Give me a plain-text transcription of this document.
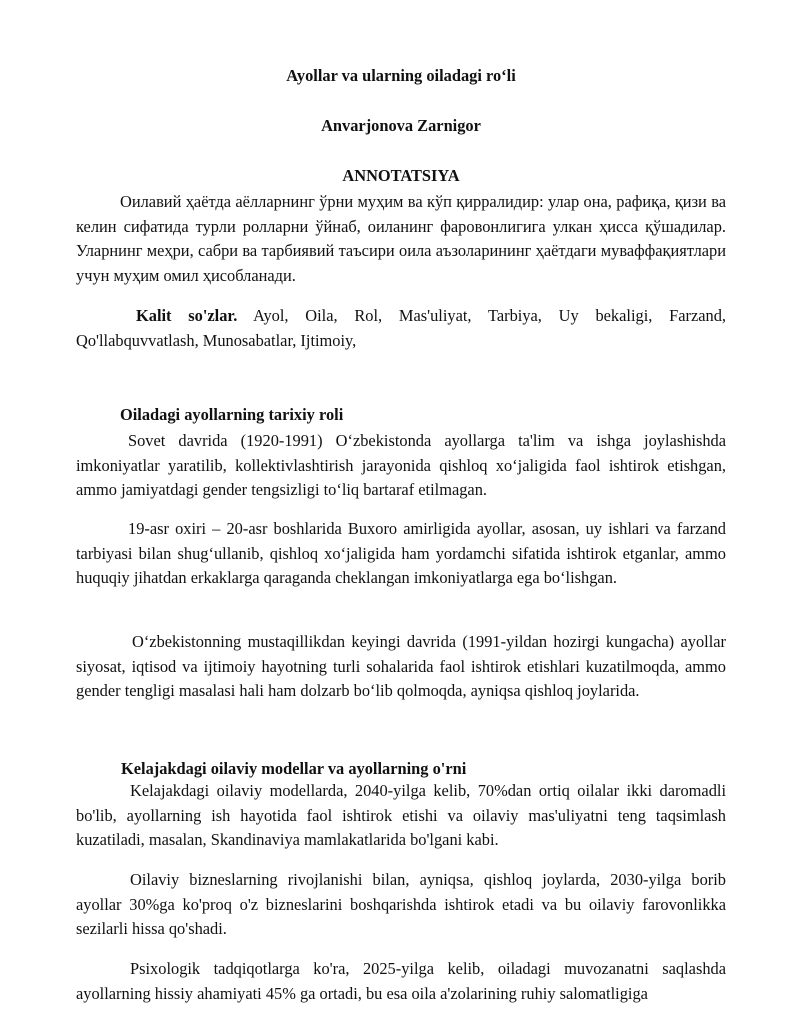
Ayollar va ularning oiladagi roʻli
Anvarjonova Zarnigor
ANNOTATSIYA
Оилавий ҳаётда аёлларнинг ўрни муҳим ва кўп қирралидир: улар она, рафиқа, қизи ва келин сифатида турли ролларни ўйнаб, оиланинг фаровонлигига улкан ҳисса қўшадилар. Уларнинг меҳри, сабри ва тарбиявий таъсири оила аъзоларининг ҳаётдаги муваффақиятлари учун муҳим омил ҳисобланади.
Kalit so'zlar. Ayol, Oila, Rol, Mas'uliyat, Tarbiya, Uy bekaligi, Farzand, Qo'llabquvvatlash, Munosabatlar, Ijtimoiy,
Oiladagi ayollarning tarixiy roli
Sovet davrida (1920-1991) Oʻzbekistonda ayollarga ta'lim va ishga joylashishda imkoniyatlar yaratilib, kollektivlashtirish jarayonida qishloq xoʻjaligida faol ishtirok etishgan, ammo jamiyatdagi gender tengsizligi toʻliq bartaraf etilmagan.
19-asr oxiri – 20-asr boshlarida Buxoro amirligida ayollar, asosan, uy ishlari va farzand tarbiyasi bilan shugʻullanib, qishloq xoʻjaligida ham yordamchi sifatida ishtirok etganlar, ammo huquqiy jihatdan erkaklarga qaraganda cheklangan imkoniyatlarga ega boʻlishgan.
Oʻzbekistonning mustaqillikdan keyingi davrida (1991-yildan hozirgi kungacha) ayollar siyosat, iqtisod va ijtimoiy hayotning turli sohalarida faol ishtirok etishlari kuzatilmoqda, ammo gender tengligi masalasi hali ham dolzarb boʻlib qolmoqda, ayniqsa qishloq joylarida.
Kelajakdagi oilaviy modellar va ayollarning o'rni
Kelajakdagi oilaviy modellarda, 2040-yilga kelib, 70%dan ortiq oilalar ikki daromadli bo'lib, ayollarning ish hayotida faol ishtirok etishi va oilaviy mas'uliyatni teng taqsimlash kuzatiladi, masalan, Skandinaviya mamlakatlarida bo'lgani kabi.
Oilaviy bizneslarning rivojlanishi bilan, ayniqsa, qishloq joylarda, 2030-yilga borib ayollar 30%ga ko'proq o'z bizneslarini boshqarishda ishtirok etadi va bu oilaviy farovonlikka sezilarli hissa qo'shadi.
Psixologik tadqiqotlarga ko'ra, 2025-yilga kelib, oiladagi muvozanatni saqlashda ayollarning hissiy ahamiyati 45% ga ortadi, bu esa oila a'zolarining ruhiy salomatligiga
